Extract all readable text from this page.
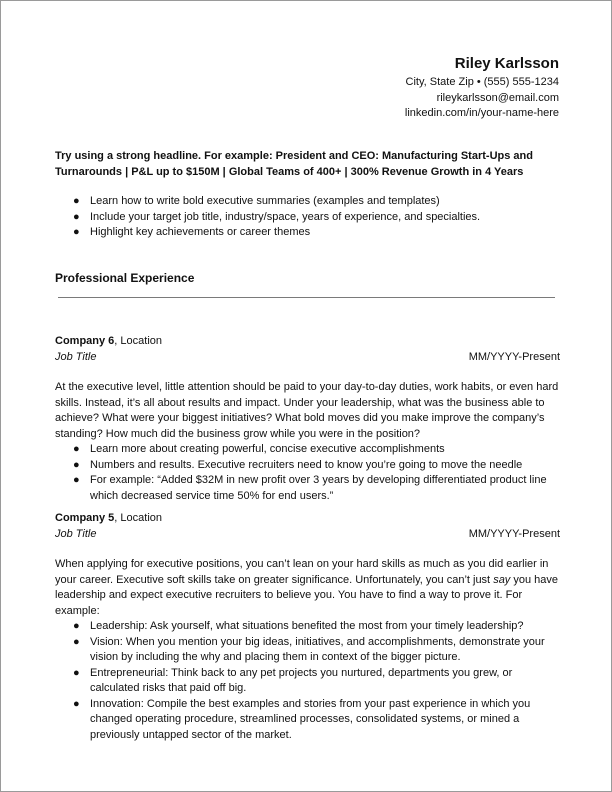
Riley Karlsson
City, State Zip • (555) 555-1234
rileykarlsson@email.com
linkedin.com/in/your-name-here
Try using a strong headline. For example: President and CEO: Manufacturing Start-Ups and Turnarounds | P&L up to $150M | Global Teams of 400+ | 300% Revenue Growth in 4 Years
● Learn how to write bold executive summaries (examples and templates)
● Include your target job title, industry/space, years of experience, and specialties.
● Highlight key achievements or career themes
Professional Experience
Company 6, Location
Job Title	MM/YYYY-Present
At the executive level, little attention should be paid to your day-to-day duties, work habits, or even hard skills. Instead, it’s all about results and impact. Under your leadership, what was the business able to achieve? What were your biggest initiatives? What bold moves did you make improve the company’s standing? How much did the business grow while you were in the position?
● Learn more about creating powerful, concise executive accomplishments
● Numbers and results. Executive recruiters need to know you’re going to move the needle
● For example: “Added $32M in new profit over 3 years by developing differentiated product line which decreased service time 50% for end users.”
Company 5, Location
Job Title	MM/YYYY-Present
When applying for executive positions, you can’t lean on your hard skills as much as you did earlier in your career. Executive soft skills take on greater significance. Unfortunately, you can’t just say you have leadership and expect executive recruiters to believe you. You have to find a way to prove it. For example:
● Leadership: Ask yourself, what situations benefited the most from your timely leadership?
● Vision: When you mention your big ideas, initiatives, and accomplishments, demonstrate your vision by including the why and placing them in context of the bigger picture.
● Entrepreneurial: Think back to any pet projects you nurtured, departments you grew, or calculated risks that paid off big.
● Innovation: Compile the best examples and stories from your past experience in which you changed operating procedure, streamlined processes, consolidated systems, or mined a previously untapped sector of the market.
